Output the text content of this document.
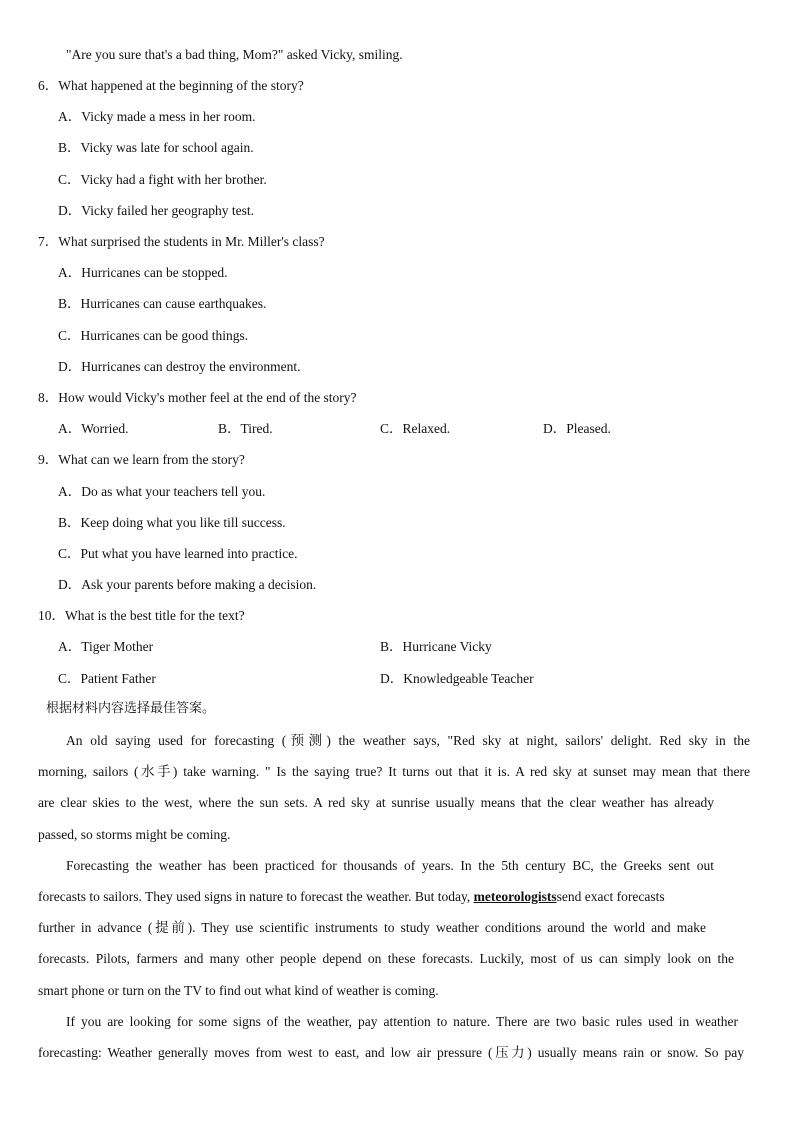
"Are you sure that's a bad thing, Mom?" asked Vicky, smiling.
6．What happened at the beginning of the story?
A．Vicky made a mess in her room.
B．Vicky was late for school again.
C．Vicky had a fight with her brother.
D．Vicky failed her geography test.
7．What surprised the students in Mr. Miller's class?
A．Hurricanes can be stopped.
B．Hurricanes can cause earthquakes.
C．Hurricanes can be good things.
D．Hurricanes can destroy the environment.
8．How would Vicky's mother feel at the end of the story?
A．Worried.	B．Tired.	C．Relaxed.	D．Pleased.
9．What can we learn from the story?
A．Do as what your teachers tell you.
B．Keep doing what you like till success.
C．Put what you have learned into practice.
D．Ask your parents before making a decision.
10．What is the best title for the text?
A．Tiger Mother	B．Hurricane Vicky
C．Patient Father	D．Knowledgeable Teacher
根据材料内容选择最佳答案。
An old saying used for forecasting (预测) the weather says, "Red sky at night, sailors' delight. Red sky in the
morning, sailors (水手) take warning. " Is the saying true? It turns out that it is. A red sky at sunset may mean that there
are clear skies to the west, where the sun sets. A red sky at sunrise usually means that the clear weather has already
passed, so storms might be coming.
Forecasting the weather has been practiced for thousands of years. In the 5th century BC, the Greeks sent out
forecasts to sailors. They used signs in nature to forecast the weather. But today, meteorologistssend exact forecasts
further in advance (提前). They use scientific instruments to study weather conditions around the world and make
forecasts. Pilots, farmers and many other people depend on these forecasts. Luckily, most of us can simply look on the
smart phone or turn on the TV to find out what kind of weather is coming.
If you are looking for some signs of the weather, pay attention to nature. There are two basic rules used in weather
forecasting: Weather generally moves from west to east, and low air pressure (压力) usually means rain or snow. So pay
